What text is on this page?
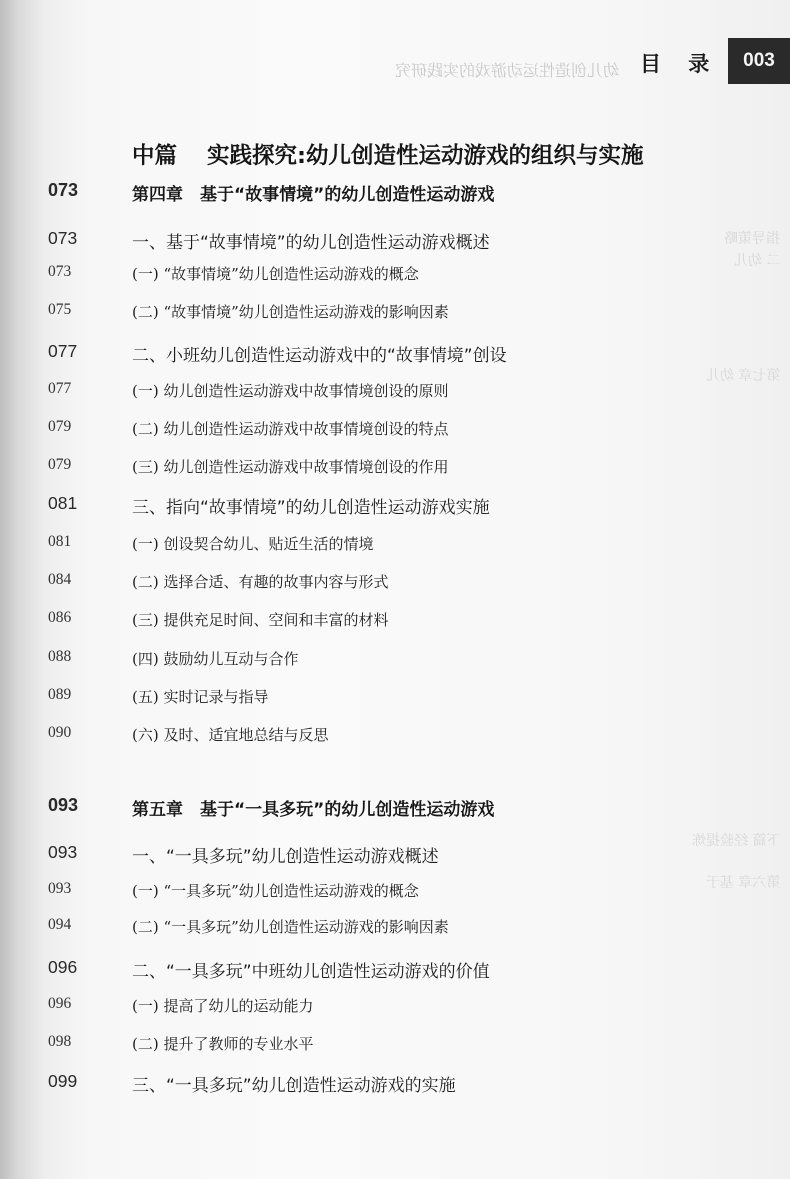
幼儿创造性运动游戏的实践研究 目 录	003
中篇 实践探究:幼儿创造性运动游戏的组织与实施
指导策略
二 幼儿
下篇 经验提炼
第六章 基于
第七章 幼儿
073	第四章　基于“故事情境”的幼儿创造性运动游戏
073	一、基于“故事情境”的幼儿创造性运动游戏概述
073	(一) “故事情境”幼儿创造性运动游戏的概念
075	(二) “故事情境”幼儿创造性运动游戏的影响因素
077	二、小班幼儿创造性运动游戏中的“故事情境”创设
077	(一) 幼儿创造性运动游戏中故事情境创设的原则
079	(二) 幼儿创造性运动游戏中故事情境创设的特点
079	(三) 幼儿创造性运动游戏中故事情境创设的作用
081	三、指向“故事情境”的幼儿创造性运动游戏实施
081	(一) 创设契合幼儿、贴近生活的情境
084	(二) 选择合适、有趣的故事内容与形式
086	(三) 提供充足时间、空间和丰富的材料
088	(四) 鼓励幼儿互动与合作
089	(五) 实时记录与指导
090	(六) 及时、适宜地总结与反思
093	第五章　基于“一具多玩”的幼儿创造性运动游戏
093	一、“一具多玩”幼儿创造性运动游戏概述
093	(一) “一具多玩”幼儿创造性运动游戏的概念
094	(二) “一具多玩”幼儿创造性运动游戏的影响因素
096	二、“一具多玩”中班幼儿创造性运动游戏的价值
096	(一) 提高了幼儿的运动能力
098	(二) 提升了教师的专业水平
099	三、“一具多玩”幼儿创造性运动游戏的实施
